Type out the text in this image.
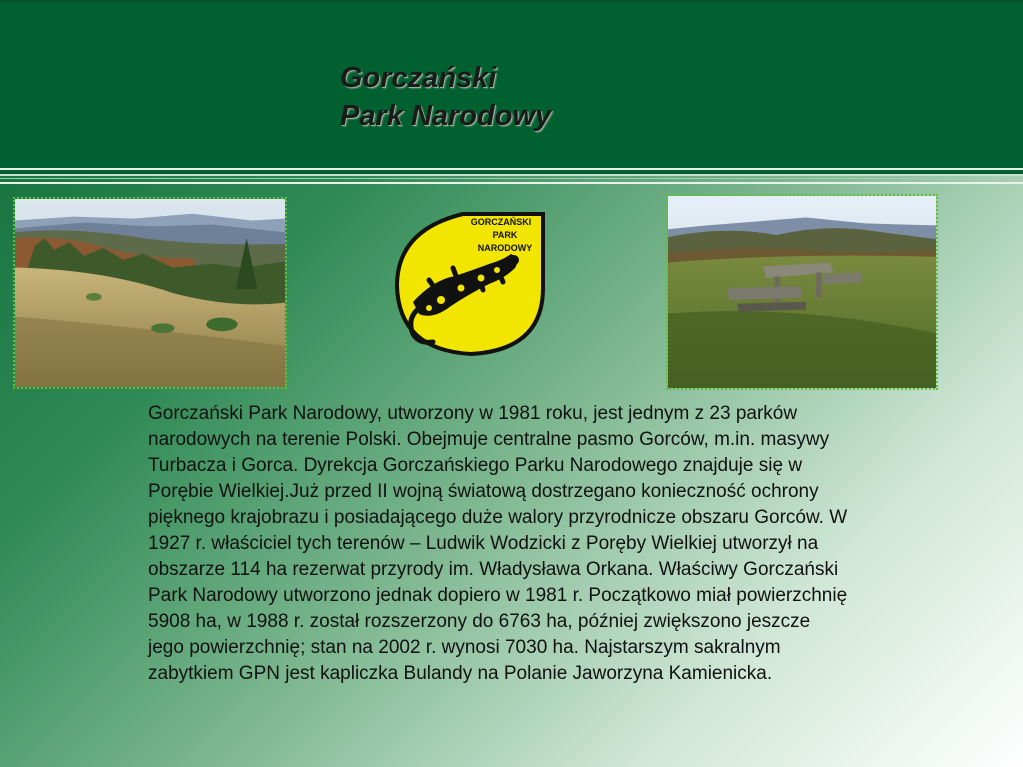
Gorczański
Park Narodowy
GORCZAŃSKI
PARK
NARODOWY

Gorczański Park Narodowy, utworzony w 1981 roku, jest jednym z 23 parków narodowych na terenie Polski. Obejmuje centralne pasmo Gorców, m.in. masywy Turbacza i Gorca. Dyrekcja Gorczańskiego Parku Narodowego znajduje się w Porębie Wielkiej.Już przed II wojną światową dostrzegano konieczność ochrony pięknego krajobrazu i posiadającego duże walory przyrodnicze obszaru Gorców. W 1927 r. właściciel tych terenów – Ludwik Wodzicki z Poręby Wielkiej utworzył na obszarze 114 ha rezerwat przyrody im. Władysława Orkana. Właściwy Gorczański Park Narodowy utworzono jednak dopiero w 1981 r. Początkowo miał powierzchnię 5908 ha, w 1988 r. został rozszerzony do 6763 ha, później zwiększono jeszcze jego powierzchnię; stan na 2002 r. wynosi 7030 ha. Najstarszym sakralnym zabytkiem GPN jest kapliczka Bulandy na Polanie Jaworzyna Kamienicka.
